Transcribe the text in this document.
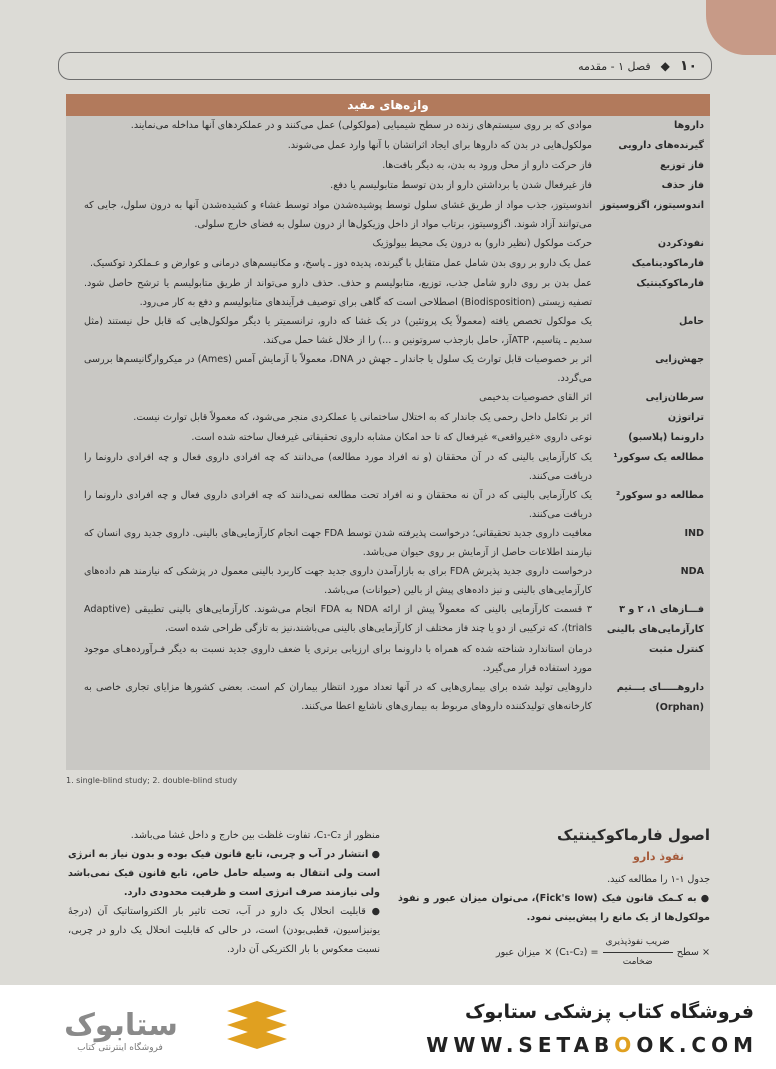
۱۰
◆
فصل ۱ - مقدمه
واژه‌های مفید
داروها
موادی که بر روی سیستم‌های زنده در سطح شیمیایی (مولکولی) عمل می‌کنند و در عملکردهای آنها مداخله می‌نمایند.
گیرنده‌های دارویی
مولکول‌هایی در بدن که داروها برای ایجاد اثراتشان با آنها وارد عمل می‌شوند.
فاز توزیع
فاز حرکت دارو از محل ورود به بدن، به دیگر بافت‌ها.
فاز حذف
فاز غیرفعال شدن یا برداشتن دارو از بدن توسط متابولیسم یا دفع.
اندوسیتوز، اگزوسیتوز
اندوسیتوز، جذب مواد از طریق غشای سلول توسط پوشیده‌شدن مواد توسط غشاء و کشیده‌شدن آنها به درون سلول، جایی که می‌توانند آزاد شوند. اگزوسیتوز، برتاب مواد از داخل وزیکول‌ها از درون سلول به فضای خارج سلولی.
نفوذکردن
حرکت مولکول (نظیر دارو) به درون یک محیط بیولوژیک
فارماکودینامیک
عمل یک دارو بر روی بدن شامل عمل متقابل با گیرنده، پدیده دوز ـ پاسخ، و مکانیسم‌های درمانی و عوارض و عـملکرد توکسیک.
فارماکوکینتیک
عمل بدن بر روی دارو شامل جذب، توزیع، متابولیسم و حذف. حذف دارو می‌تواند از طریق متابولیسم یا ترشح حاصل شود. تصفیه زیستی (Biodisposition) اصطلاحی است که گاهی برای توصیف فرآیندهای متابولیسم و دفع به کار می‌رود.
حامل
یک مولکول تخصص یافته (معمولاً یک پروتئین) در یک غشا که دارو، ترانسمیتر یا دیگر مولکول‌هایی که قابل حل نیستند (مثل سدیم ـ پتاسیم، ATPآز، حامل بازجذب سروتونین و ...) را از خلال غشا حمل می‌کند.
جهش‌زایی
اثر بر خصوصیات قابل توارث یک سلول یا جاندار ـ جهش در DNA، معمولاً با آزمایش آمس (Ames) در میکروارگانیسم‌ها بررسی می‌گردد.
سرطان‌زایی
اثر القای خصوصیات بدخیمی
تراتوژن
اثر بر تکامل داخل رحمی یک جاندار که به اختلال ساختمانی یا عملکردی منجر می‌شود، که معمولاً قابل توارث نیست.
دارونما (پلاسبو)
نوعی داروی «غیرواقعی» غیرفعال که تا حد امکان مشابه داروی تحقیقاتی غیرفعال ساخته شده است.
مطالعه یک سوکور¹
یک کارآزمایی بالینی که در آن محققان (و نه افراد مورد مطالعه) می‌دانند که چه افرادی داروی فعال و چه افرادی دارونما را دریافت می‌کنند.
مطالعه دو سوکور²
یک کارآزمایی بالینی که در آن نه محققان و نه افراد تحت مطالعه نمی‌دانند که چه افرادی داروی فعال و چه افرادی دارونما را دریافت می‌کنند.
IND
معافیت داروی جدید تحقیقاتی؛ درخواست پذیرفته شدن توسط FDA جهت انجام کارآزمایی‌های بالینی. داروی جدید روی انسان که نیازمند اطلاعات حاصل از آزمایش بر روی حیوان می‌باشد.
NDA
درخواست داروی جدید پذیرش FDA برای به بازارآمدن داروی جدید جهت کاربرد بالینی معمول در پزشکی که نیازمند هم داده‌های کارآزمایی‌های بالینی و نیز داده‌های پیش از بالین (حیوانات) می‌باشد.
فـــازهای ۱، ۲ و ۳ کارآزمایی‌های بالینی
۳ قسمت کارآزمایی بالینی که معمولاً پیش از ارائه NDA به FDA انجام می‌شوند. کارآزمایی‌های بالینی تطبیقی (Adaptive trials)، که ترکیبی از دو یا چند فاز مختلف از کارآزمایی‌های بالینی می‌باشند،نیز به تازگی طراحی شده است.
کنترل مثبت
درمان استاندارد شناخته شده که همراه با دارونما برای ارزیابی برتری یا ضعف داروی جدید نسبت به دیگر فـرآورده‌هـای موجود مورد استفاده قرار می‌گیرد.
داروهـــــای یـــتیم (Orphan)
داروهایی تولید شده برای بیماری‌هایی که در آنها تعداد مورد انتظار بیماران کم است. بعضی کشورها مزایای تجاری خاصی به کارخانه‌های تولیدکننده داروهای مربوط به بیماری‌های ناشایع اعطا می‌کنند.
1. single-blind study; 2. double-blind study
اصول فارماکوکینتیک
نفوذ دارو
جدول ۱-۱ را مطالعه کنید.
● به کـمک قانون فیک (Fick's low)، می‌توان میزان عبور و نفوذ مولکول‌ها از یک مانع را پیش‌بینی نمود.
× سطح
$\frac{\text{ضریب نفوذپذیری}}{\text{ضخامت}}$
= (C₁-C₂) ×
میزان عبور
منظور از C₁-C₂، تفاوت غلظت بین خارج و داخل غشا می‌باشد.
● انتشار در آب و چربی، تابع قانون فیک بوده و بدون نیاز به انرژی است ولی انتقال به وسیله حامل خاص، تابع قانون فیک نمی‌باشد ولی نیازمند صرف انرژی است و ظرفیت محدودی دارد.
● قابلیت انحلال یک دارو در آب، تحت تاثیر بار الکترواستاتیک آن (درجهٔ یونیزاسیون، قطبی‌بودن) است، در حالی که قابلیت انحلال یک دارو در چربی، نسبت معکوس با بار الکتریکی آن دارد.
ستابوک
فروشگاه اینترنتی کتاب
فروشگاه کتاب پزشکی ستابوک
WWW.SETABOOK.COM
